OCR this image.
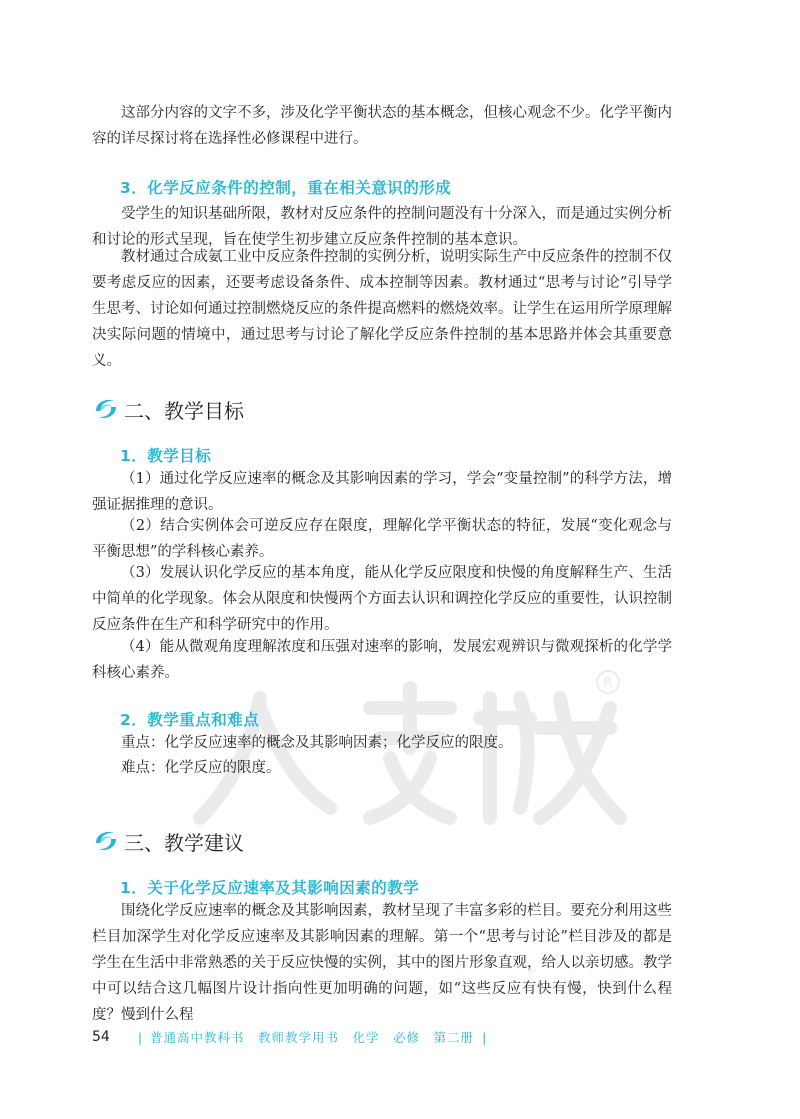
R

这部分内容的文字不多，涉及化学平衡状态的基本概念，但核心观念不少。化学平衡内容的详尽探讨将在选择性必修课程中进行。

3．化学反应条件的控制，重在相关意识的形成

受学生的知识基础所限，教材对反应条件的控制问题没有十分深入，而是通过实例分析和讨论的形式呈现，旨在使学生初步建立反应条件控制的基本意识。

教材通过合成氨工业中反应条件控制的实例分析，说明实际生产中反应条件的控制不仅要考虑反应的因素，还要考虑设备条件、成本控制等因素。教材通过“思考与讨论”引导学生思考、讨论如何通过控制燃烧反应的条件提高燃料的燃烧效率。让学生在运用所学原理解决实际问题的情境中，通过思考与讨论了解化学反应条件控制的基本思路并体会其重要意义。

二、教学目标

1．教学目标

（1）通过化学反应速率的概念及其影响因素的学习，学会“变量控制”的科学方法，增强证据推理的意识。

（2）结合实例体会可逆反应存在限度，理解化学平衡状态的特征，发展“变化观念与平衡思想”的学科核心素养。

（3）发展认识化学反应的基本角度，能从化学反应限度和快慢的角度解释生产、生活中简单的化学现象。体会从限度和快慢两个方面去认识和调控化学反应的重要性，认识控制反应条件在生产和科学研究中的作用。

（4）能从微观角度理解浓度和压强对速率的影响，发展宏观辨识与微观探析的化学学科核心素养。

2．教学重点和难点

重点：化学反应速率的概念及其影响因素；化学反应的限度。

难点：化学反应的限度。

三、教学建议

1．关于化学反应速率及其影响因素的教学

围绕化学反应速率的概念及其影响因素，教材呈现了丰富多彩的栏目。要充分利用这些栏目加深学生对化学反应速率及其影响因素的理解。第一个“思考与讨论”栏目涉及的都是学生在生活中非常熟悉的关于反应快慢的实例，其中的图片形象直观，给人以亲切感。教学中可以结合这几幅图片设计指向性更加明确的问题，如“这些反应有快有慢，快到什么程度？慢到什么程

54 | 普通高中教科书　教师教学用书　化学　必修　第二册 |
